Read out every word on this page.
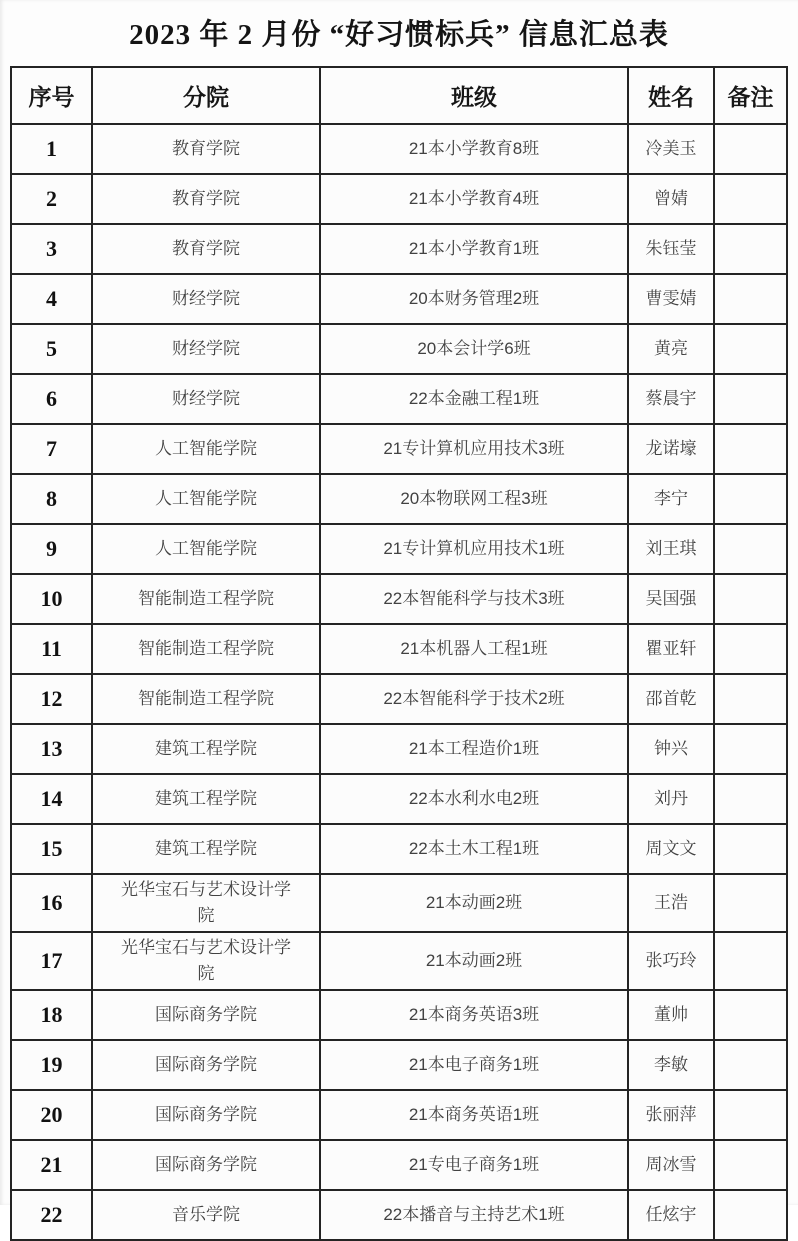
2023 年 2 月份 “好习惯标兵” 信息汇总表
序号	分院	班级	姓名	备注
1	教育学院	21本小学教育8班	冷美玉	
2	教育学院	21本小学教育4班	曾婧	
3	教育学院	21本小学教育1班	朱钰莹	
4	财经学院	20本财务管理2班	曹雯婧	
5	财经学院	20本会计学6班	黄亮	
6	财经学院	22本金融工程1班	蔡晨宇	
7	人工智能学院	21专计算机应用技术3班	龙诺壕	
8	人工智能学院	20本物联网工程3班	李宁	
9	人工智能学院	21专计算机应用技术1班	刘王琪	
10	智能制造工程学院	22本智能科学与技术3班	吴国强	
11	智能制造工程学院	21本机器人工程1班	瞿亚轩	
12	智能制造工程学院	22本智能科学于技术2班	邵首乾	
13	建筑工程学院	21本工程造价1班	钟兴	
14	建筑工程学院	22本水利水电2班	刘丹	
15	建筑工程学院	22本土木工程1班	周文文	
16	光华宝石与艺术设计学院	21本动画2班	王浩	
17	光华宝石与艺术设计学院	21本动画2班	张巧玲	
18	国际商务学院	21本商务英语3班	董帅	
19	国际商务学院	21本电子商务1班	李敏	
20	国际商务学院	21本商务英语1班	张丽萍	
21	国际商务学院	21专电子商务1班	周冰雪	
22	音乐学院	22本播音与主持艺术1班	任炫宇	
